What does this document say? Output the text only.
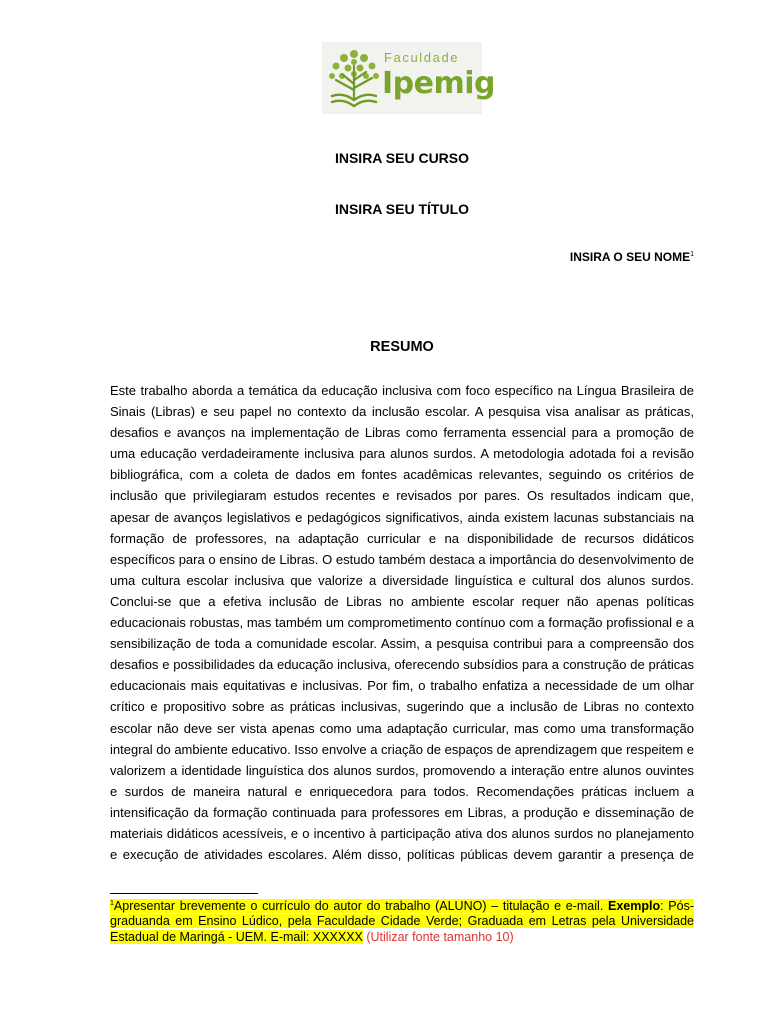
Faculdade
Ipemig
INSIRA SEU CURSO
INSIRA SEU TÍTULO
INSIRA O SEU NOME$^1$
RESUMO
Este trabalho aborda a temática da educação inclusiva com foco específico na Língua Brasileira de Sinais (Libras) e seu papel no contexto da inclusão escolar. A pesquisa visa analisar as práticas, desafios e avanços na implementação de Libras como ferramenta essencial para a promoção de uma educação verdadeiramente inclusiva para alunos surdos. A metodologia adotada foi a revisão bibliográfica, com a coleta de dados em fontes acadêmicas relevantes, seguindo os critérios de inclusão que privilegiaram estudos recentes e revisados por pares. Os resultados indicam que, apesar de avanços legislativos e pedagógicos significativos, ainda existem lacunas substanciais na formação de professores, na adaptação curricular e na disponibilidade de recursos didáticos específicos para o ensino de Libras. O estudo também destaca a importância do desenvolvimento de uma cultura escolar inclusiva que valorize a diversidade linguística e cultural dos alunos surdos. Conclui-se que a efetiva inclusão de Libras no ambiente escolar requer não apenas políticas educacionais robustas, mas também um comprometimento contínuo com a formação profissional e a sensibilização de toda a comunidade escolar. Assim, a pesquisa contribui para a compreensão dos desafios e possibilidades da educação inclusiva, oferecendo subsídios para a construção de práticas educacionais mais equitativas e inclusivas. Por fim, o trabalho enfatiza a necessidade de um olhar crítico e propositivo sobre as práticas inclusivas, sugerindo que a inclusão de Libras no contexto escolar não deve ser vista apenas como uma adaptação curricular, mas como uma transformação integral do ambiente educativo. Isso envolve a criação de espaços de aprendizagem que respeitem e valorizem a identidade linguística dos alunos surdos, promovendo a interação entre alunos ouvintes e surdos de maneira natural e enriquecedora para todos. Recomendações práticas incluem a intensificação da formação continuada para professores em Libras, a produção e disseminação de materiais didáticos acessíveis, e o incentivo à participação ativa dos alunos surdos no planejamento e execução de atividades escolares. Além disso, políticas públicas devem garantir a presença de
$^1$Apresentar brevemente o currículo do autor do trabalho (ALUNO) – titulação e e-mail. Exemplo: Pós-graduanda em Ensino Lúdico, pela Faculdade Cidade Verde; Graduada em Letras pela Universidade Estadual de Maringá - UEM. E-mail: XXXXXX (Utilizar fonte tamanho 10)
